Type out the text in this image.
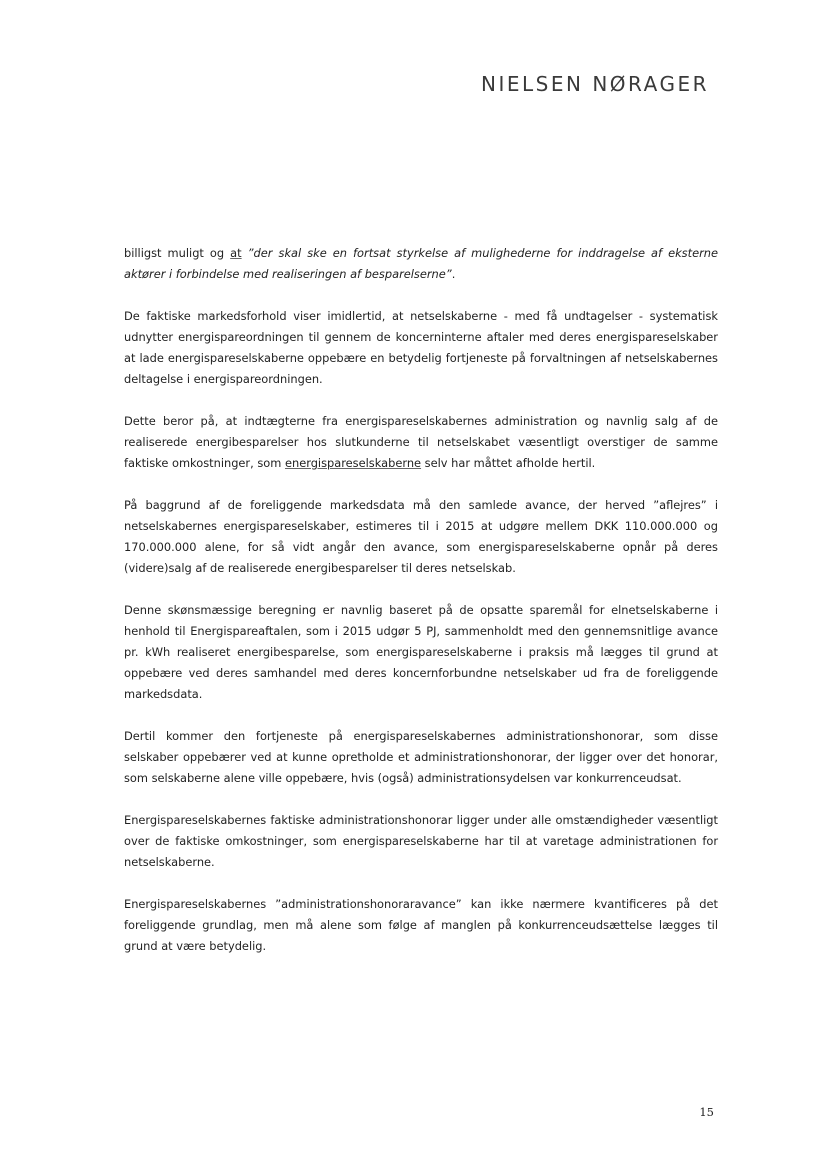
NIELSEN NØRAGER

billigst muligt og at ”der skal ske en fortsat styrkelse af mulighederne for inddragelse af eksterne aktører i forbindelse med realiseringen af besparelserne”.

De faktiske markedsforhold viser imidlertid, at netselskaberne - med få undtagelser - systematisk udnytter energispareordningen til gennem de koncerninterne aftaler med deres energispareselskaber at lade energispareselskaberne oppebære en betydelig fortjeneste på forvaltningen af netselskabernes deltagelse i energispareordningen.

Dette beror på, at indtægterne fra energispareselskabernes administration og navnlig salg af de realiserede energibesparelser hos slutkunderne til netselskabet væsentligt overstiger de samme faktiske omkostninger, som energispareselskaberne selv har måttet afholde hertil.

På baggrund af de foreliggende markedsdata må den samlede avance, der herved ”aflejres” i netselskabernes energispareselskaber, estimeres til i 2015 at udgøre mellem DKK 110.000.000 og 170.000.000 alene, for så vidt angår den avance, som energispareselskaberne opnår på deres (videre)salg af de realiserede energibesparelser til deres netselskab.

Denne skønsmæssige beregning er navnlig baseret på de opsatte sparemål for elnetselskaberne i henhold til Energispareaftalen, som i 2015 udgør 5 PJ, sammenholdt med den gennemsnitlige avance pr. kWh realiseret energibesparelse, som energispareselskaberne i praksis må lægges til grund at oppebære ved deres samhandel med deres koncernforbundne netselskaber ud fra de foreliggende markedsdata.

Dertil kommer den fortjeneste på energispareselskabernes administrationshonorar, som disse selskaber oppebærer ved at kunne opretholde et administrationshonorar, der ligger over det honorar, som selskaberne alene ville oppebære, hvis (også) administrationsydelsen var konkurrenceudsat.

Energispareselskabernes faktiske administrationshonorar ligger under alle omstændigheder væsentligt over de faktiske omkostninger, som energispareselskaberne har til at varetage administrationen for netselskaberne.

Energispareselskabernes ”administrationshonoraravance” kan ikke nærmere kvantificeres på det foreliggende grundlag, men må alene som følge af manglen på konkurrenceudsættelse lægges til grund at være betydelig.

15
